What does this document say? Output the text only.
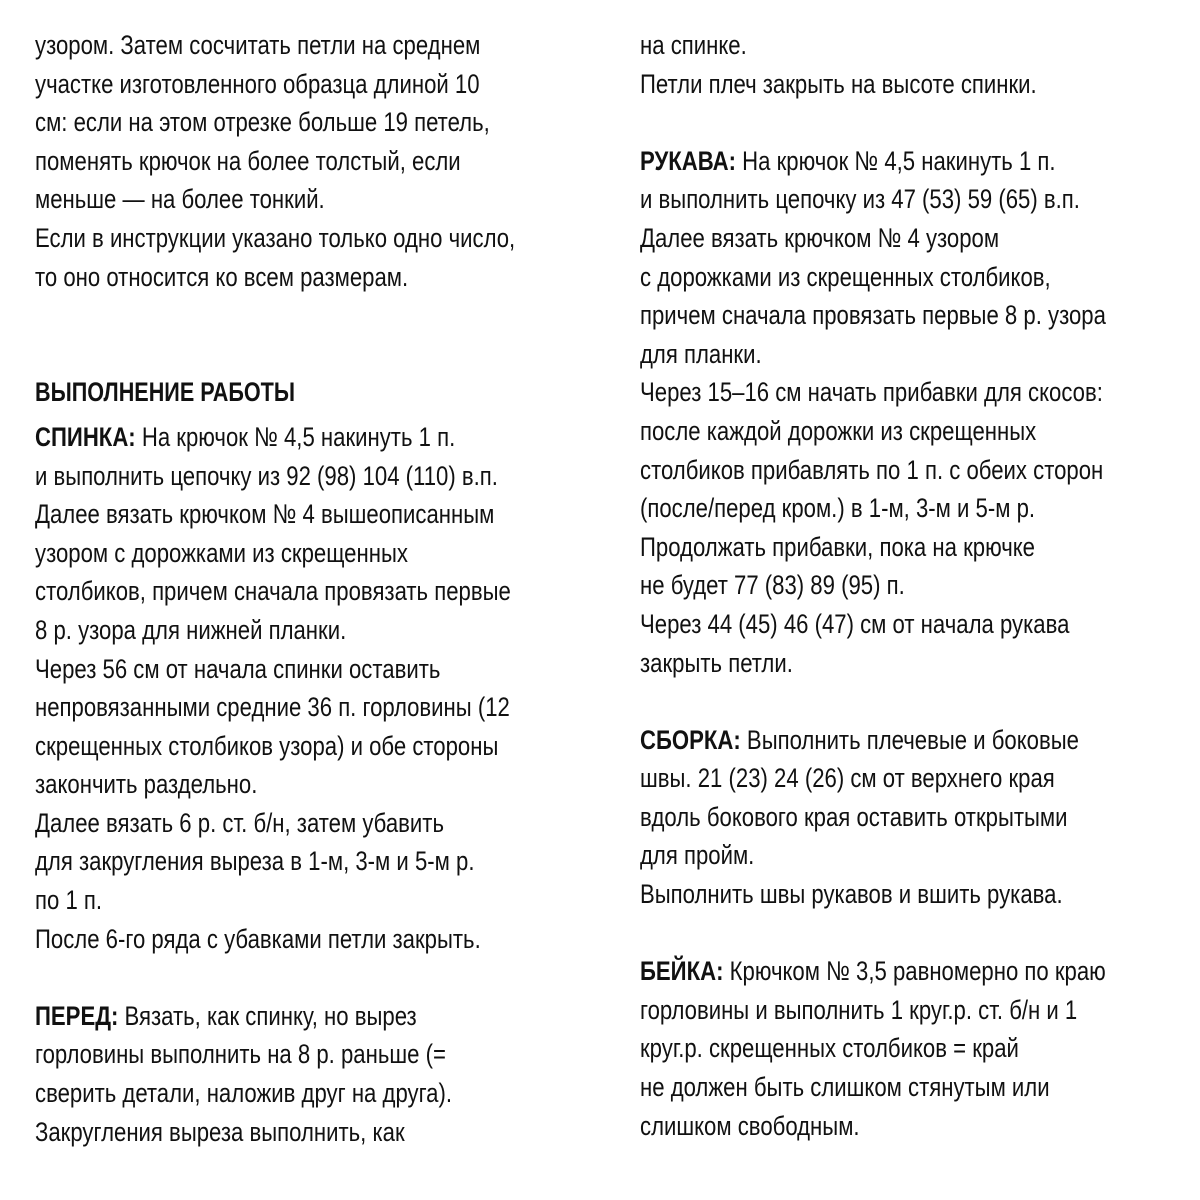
узором. Затем сосчитать петли на среднем
участке изготовленного образца длиной 10
см: если на этом отрезке больше 19 петель,
поменять крючок на более толстый, если
меньше — на более тонкий.
Если в инструкции указано только одно число,
то оно относится ко всем размерам.
ВЫПОЛНЕНИЕ РАБОТЫ
СПИНКА: На крючок № 4,5 накинуть 1 п.
и выполнить цепочку из 92 (98) 104 (110) в.п.
Далее вязать крючком № 4 вышеописанным
узором с дорожками из скрещенных
столбиков, причем сначала провязать первые
8 р. узора для нижней планки.
Через 56 см от начала спинки оставить
непровязанными средние 36 п. горловины (12
скрещенных столбиков узора) и обе стороны
закончить раздельно.
Далее вязать 6 р. ст. б/н, затем убавить
для закругления выреза в 1-м, 3-м и 5-м р.
по 1 п.
После 6-го ряда с убавками петли закрыть.
ПЕРЕД: Вязать, как спинку, но вырез
горловины выполнить на 8 р. раньше (=
сверить детали, наложив друг на друга).
Закругления выреза выполнить, как
на спинке.
Петли плеч закрыть на высоте спинки.
РУКАВА: На крючок № 4,5 накинуть 1 п.
и выполнить цепочку из 47 (53) 59 (65) в.п.
Далее вязать крючком № 4 узором
с дорожками из скрещенных столбиков,
причем сначала провязать первые 8 р. узора
для планки.
Через 15–16 см начать прибавки для скосов:
после каждой дорожки из скрещенных
столбиков прибавлять по 1 п. с обеих сторон
(после/перед кром.) в 1-м, 3-м и 5-м р.
Продолжать прибавки, пока на крючке
не будет 77 (83) 89 (95) п.
Через 44 (45) 46 (47) см от начала рукава
закрыть петли.
СБОРКА: Выполнить плечевые и боковые
швы. 21 (23) 24 (26) см от верхнего края
вдоль бокового края оставить открытыми
для пройм.
Выполнить швы рукавов и вшить рукава.
БЕЙКА: Крючком № 3,5 равномерно по краю
горловины и выполнить 1 круг.р. ст. б/н и 1
круг.р. скрещенных столбиков = край
не должен быть слишком стянутым или
слишком свободным.
